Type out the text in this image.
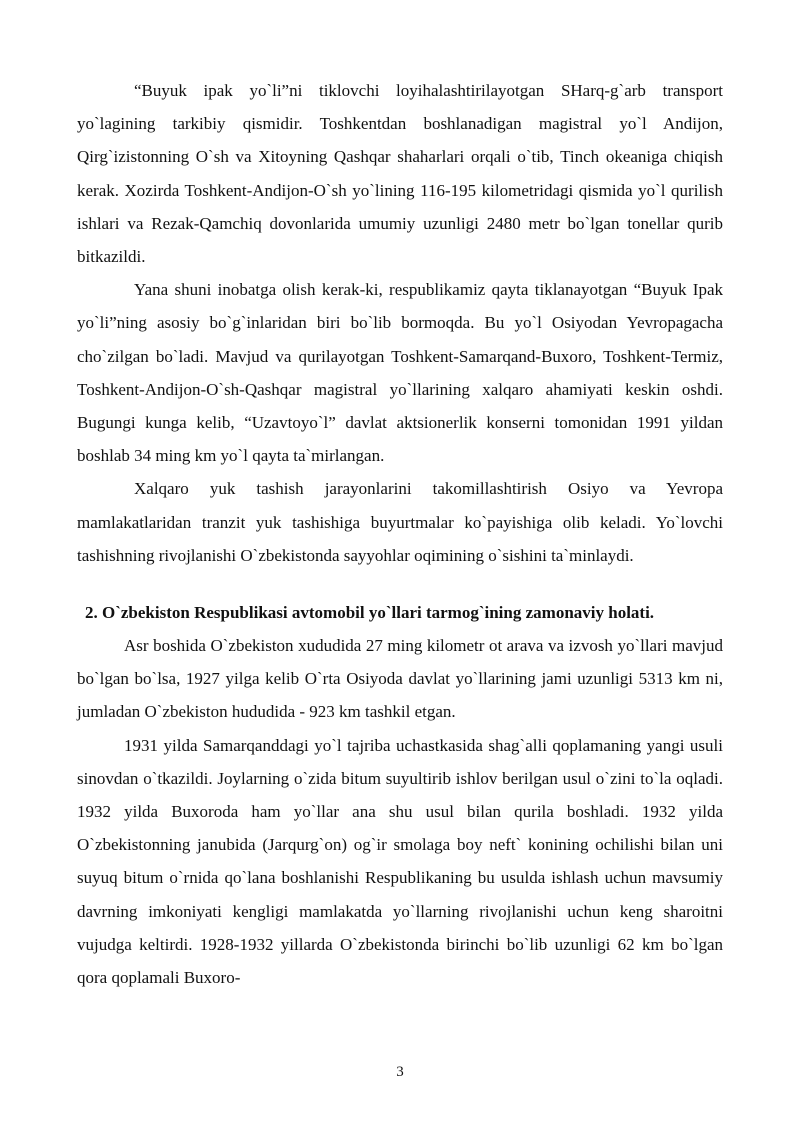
“Buyuk ipak yo`li”ni tiklovchi loyihalashtirilayotgan SHarq-g`arb transport yo`lagining tarkibiy qismidir. Toshkentdan boshlanadigan magistral yo`l Andijon, Qirg`izistonning O`sh va Xitoyning Qashqar shaharlari orqali o`tib, Tinch okeaniga chiqish kerak. Xozirda Toshkent-Andijon-O`sh yo`lining 116-195 kilometridagi qismida yo`l qurilish ishlari va Rezak-Qamchiq dovonlarida umumiy uzunligi 2480 metr bo`lgan tonellar qurib bitkazildi.

Yana shuni inobatga olish kerak-ki, respublikamiz qayta tiklanayotgan “Buyuk Ipak yo`li”ning asosiy bo`g`inlaridan biri bo`lib bormoqda. Bu yo`l Osiyodan Yevropagacha cho`zilgan bo`ladi. Mavjud va qurilayotgan Toshkent-Samarqand-Buxoro, Toshkent-Termiz, Toshkent-Andijon-O`sh-Qashqar magistral yo`llarining xalqaro ahamiyati keskin oshdi. Bugungi kunga kelib, “Uzavtoyo`l” davlat aktsionerlik konserni tomonidan 1991 yildan boshlab 34 ming km yo`l qayta ta`mirlangan.

Xalqaro yuk tashish jarayonlarini takomillashtirish Osiyo va Yevropa mamlakatlaridan tranzit yuk tashishiga buyurtmalar ko`payishiga olib keladi. Yo`lovchi tashishning rivojlanishi O`zbekistonda sayyohlar oqimining o`sishini ta`minlaydi.

2. O`zbekiston Respublikasi avtomobil yo`llari tarmog`ining zamonaviy holati.

Asr boshida O`zbekiston xududida 27 ming kilometr ot arava va izvosh yo`llari mavjud bo`lgan bo`lsa, 1927 yilga kelib O`rta Osiyoda davlat yo`llarining jami uzunligi 5313 km ni, jumladan O`zbekiston hududida - 923 km tashkil etgan.

1931 yilda Samarqanddagi yo`l tajriba uchastkasida shag`alli qoplamaning yangi usuli sinovdan o`tkazildi. Joylarning o`zida bitum suyultirib ishlov berilgan usul o`zini to`la oqladi. 1932 yilda Buxoroda ham yo`llar ana shu usul bilan qurila boshladi. 1932 yilda O`zbekistonning janubida (Jarqurg`on) og`ir smolaga boy neft` konining ochilishi bilan uni suyuq bitum o`rnida qo`lana boshlanishi Respublikaning bu usulda ishlash uchun mavsumiy davrning imkoniyati kengligi mamlakatda yo`llarning rivojlanishi uchun keng sharoitni vujudga keltirdi. 1928-1932 yillarda O`zbekistonda birinchi bo`lib uzunligi 62 km bo`lgan qora qoplamali Buxoro-

3
